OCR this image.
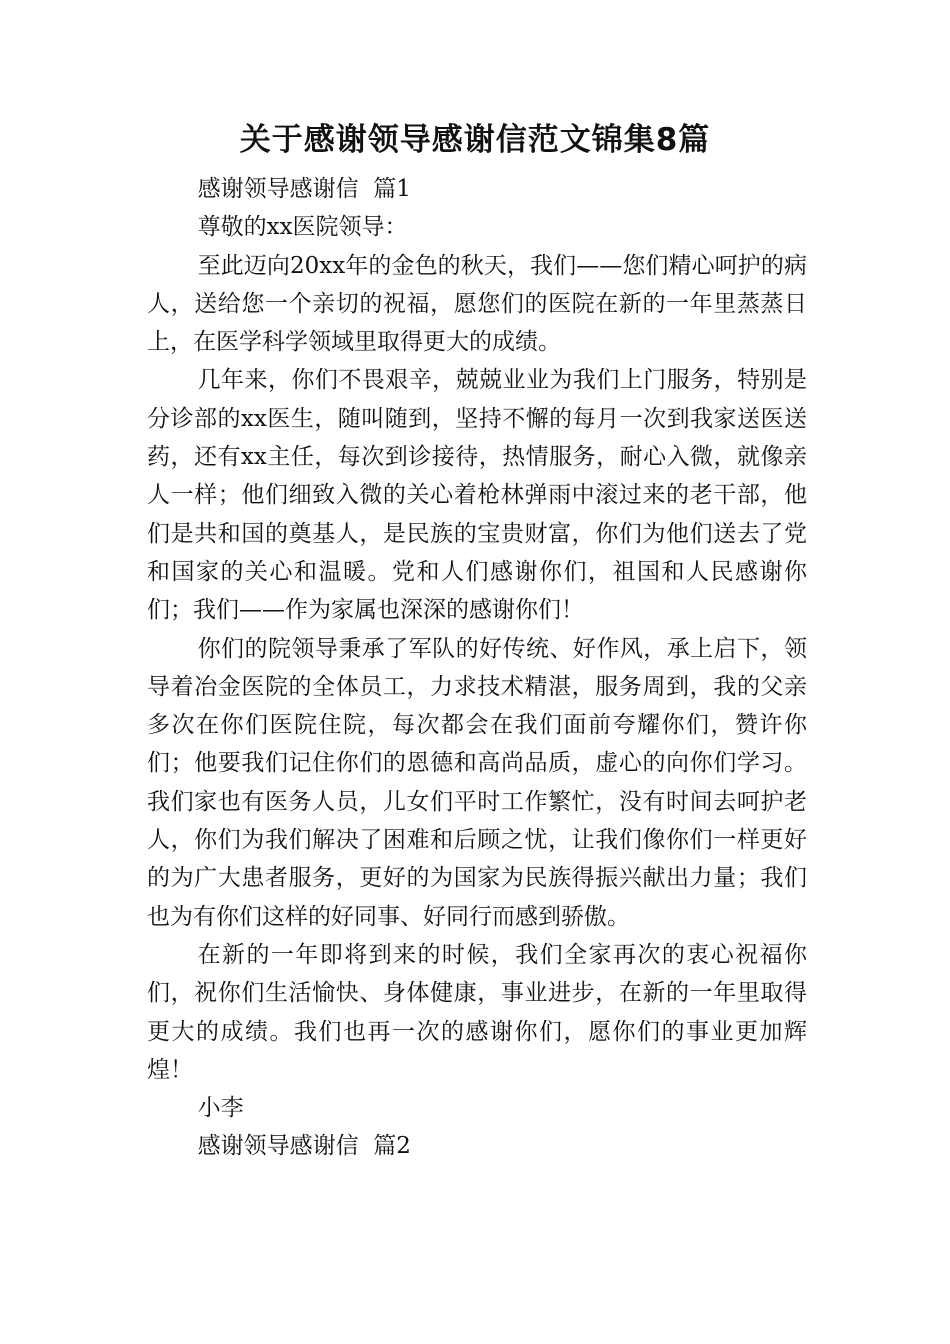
关于感谢领导感谢信范文锦集8篇

感谢领导感谢信  篇1

尊敬的xx医院领导：

至此迈向20xx年的金色的秋天，我们——您们精心呵护的病人，送给您一个亲切的祝福，愿您们的医院在新的一年里蒸蒸日上，在医学科学领域里取得更大的成绩。

几年来，你们不畏艰辛，兢兢业业为我们上门服务，特别是分诊部的xx医生，随叫随到，坚持不懈的每月一次到我家送医送药，还有xx主任，每次到诊接待，热情服务，耐心入微，就像亲人一样；他们细致入微的关心着枪林弹雨中滚过来的老干部，他们是共和国的奠基人，是民族的宝贵财富，你们为他们送去了党和国家的关心和温暖。党和人们感谢你们，祖国和人民感谢你们；我们——作为家属也深深的感谢你们！

你们的院领导秉承了军队的好传统、好作风，承上启下，领导着冶金医院的全体员工，力求技术精湛，服务周到，我的父亲多次在你们医院住院，每次都会在我们面前夸耀你们，赞许你们；他要我们记住你们的恩德和高尚品质，虚心的向你们学习。我们家也有医务人员，儿女们平时工作繁忙，没有时间去呵护老人，你们为我们解决了困难和后顾之忧，让我们像你们一样更好的为广大患者服务，更好的为国家为民族得振兴献出力量；我们也为有你们这样的好同事、好同行而感到骄傲。

在新的一年即将到来的时候，我们全家再次的衷心祝福你们，祝你们生活愉快、身体健康，事业进步，在新的一年里取得更大的成绩。我们也再一次的感谢你们，愿你们的事业更加辉煌！

小李

感谢领导感谢信  篇2
